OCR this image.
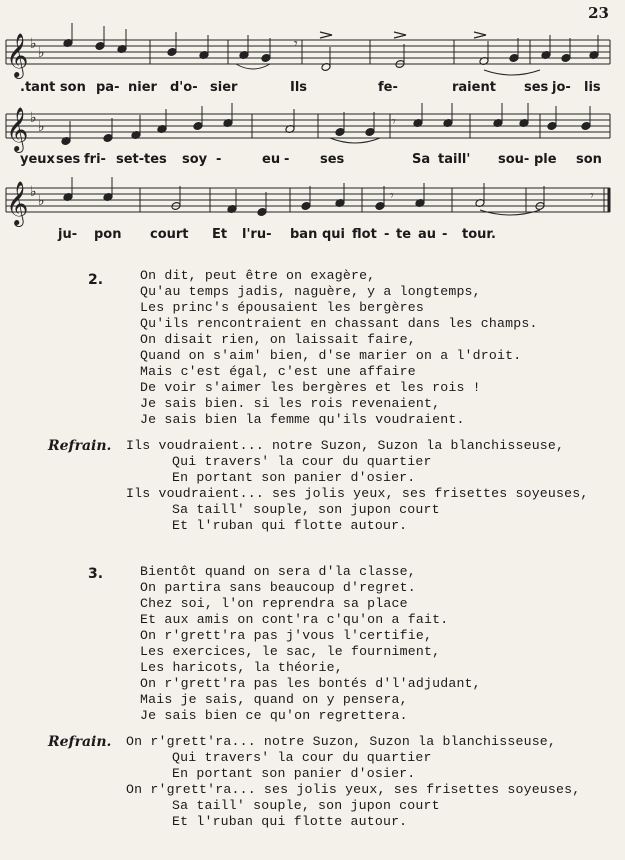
23
𝄞 ♭
♭
𝄞 ♭
♭
𝄞 ♭
♭
𝄾
𝄾
𝄾	𝄾
.tant son pa- nier d'o- sier	Ils	fe-	raient ses jo- lis
yeux ses fri- set- tes soy -	eu - ses	Sa taill' sou- ple son
ju- pon court Et l'ru- ban qui flot - te au - tour.
2.	On dit, peut être on exagère,
Qu'au temps jadis, naguère, y a longtemps,
Les princ's épousaient les bergères
Qu'ils rencontraient en chassant dans les champs.
On disait rien, on laissait faire,
Quand on s'aim' bien, d'se marier on a l'droit.
Mais c'est égal, c'est une affaire
De voir s'aimer les bergères et les rois !
Je sais bien. si les rois revenaient,
Je sais bien la femme qu'ils voudraient.
Refrain. Ils voudraient... notre Suzon, Suzon la blanchisseuse,
Qui travers' la cour du quartier
En portant son panier d'osier.
Ils voudraient... ses jolis yeux, ses frisettes soyeuses,
Sa taill' souple, son jupon court
Et l'ruban qui flotte autour.
3.	Bientôt quand on sera d'la classe,
On partira sans beaucoup d'regret.
Chez soi, l'on reprendra sa place
Et aux amis on cont'ra c'qu'on a fait.
On r'grett'ra pas j'vous l'certifie,
Les exercices, le sac, le fourniment,
Les haricots, la théorie,
On r'grett'ra pas les bontés d'l'adjudant,
Mais je sais, quand on y pensera,
Je sais bien ce qu'on regrettera.
Refrain. On r'grett'ra... notre Suzon, Suzon la blanchisseuse,
Qui travers' la cour du quartier
En portant son panier d'osier.
On r'grett'ra... ses jolis yeux, ses frisettes soyeuses,
Sa taill' souple, son jupon court
Et l'ruban qui flotte autour.
